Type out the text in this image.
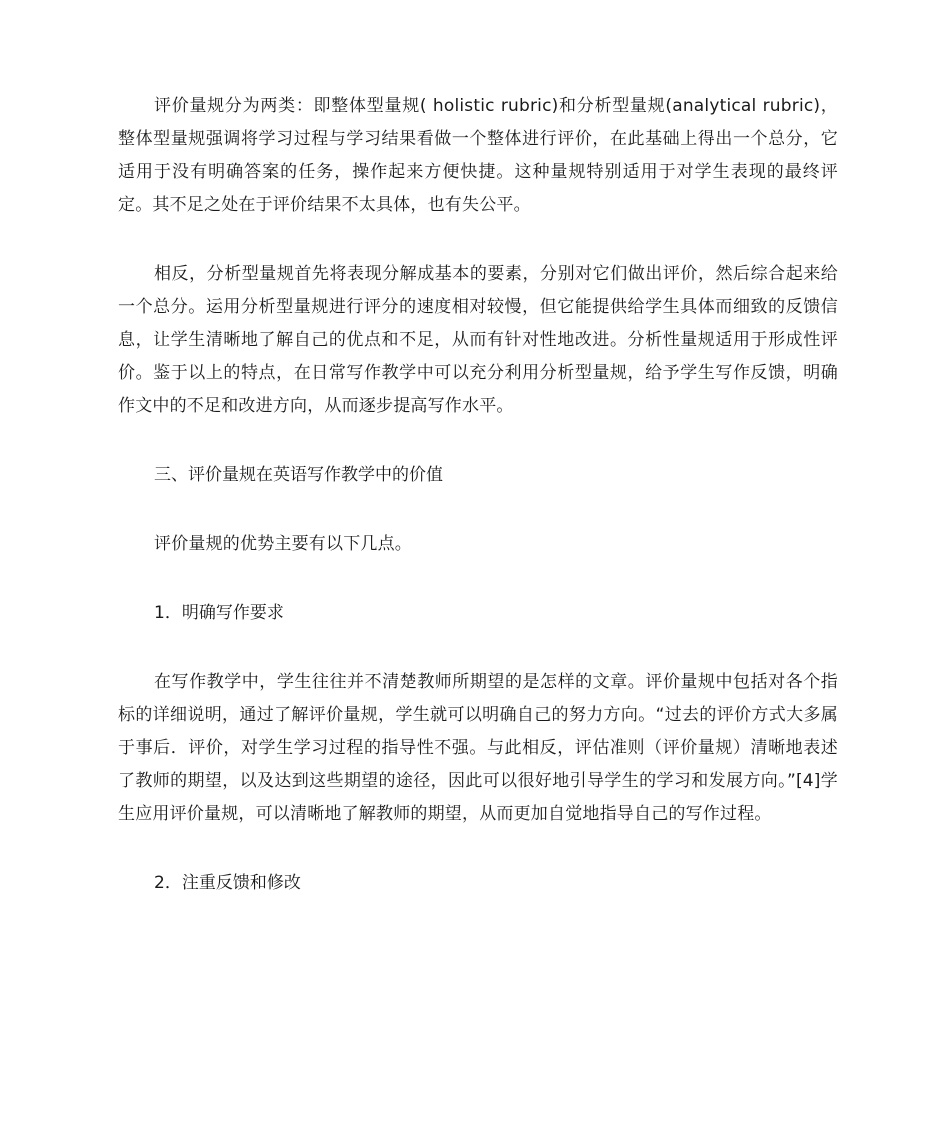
评价量规分为两类：即整体型量规( holistic rubric)和分析型量规(analytical rubric)，整体型量规强调将学习过程与学习结果看做一个整体进行评价，在此基础上得出一个总分，它适用于没有明确答案的任务，操作起来方便快捷。这种量规特别适用于对学生表现的最终评定。其不足之处在于评价结果不太具体，也有失公平。

相反，分析型量规首先将表现分解成基本的要素，分别对它们做出评价，然后综合起来给一个总分。运用分析型量规进行评分的速度相对较慢，但它能提供给学生具体而细致的反馈信息，让学生清晰地了解自己的优点和不足，从而有针对性地改进。分析性量规适用于形成性评价。鉴于以上的特点，在日常写作教学中可以充分利用分析型量规，给予学生写作反馈，明确作文中的不足和改进方向，从而逐步提高写作水平。

三、评价量规在英语写作教学中的价值

评价量规的优势主要有以下几点。

1．明确写作要求

在写作教学中，学生往往并不清楚教师所期望的是怎样的文章。评价量规中包括对各个指标的详细说明，通过了解评价量规，学生就可以明确自己的努力方向。“过去的评价方式大多属于事后．评价，对学生学习过程的指导性不强。与此相反，评估准则（评价量规）清晰地表述了教师的期望，以及达到这些期望的途径，因此可以很好地引导学生的学习和发展方向。”[4]学生应用评价量规，可以清晰地了解教师的期望，从而更加自觉地指导自己的写作过程。

2．注重反馈和修改
